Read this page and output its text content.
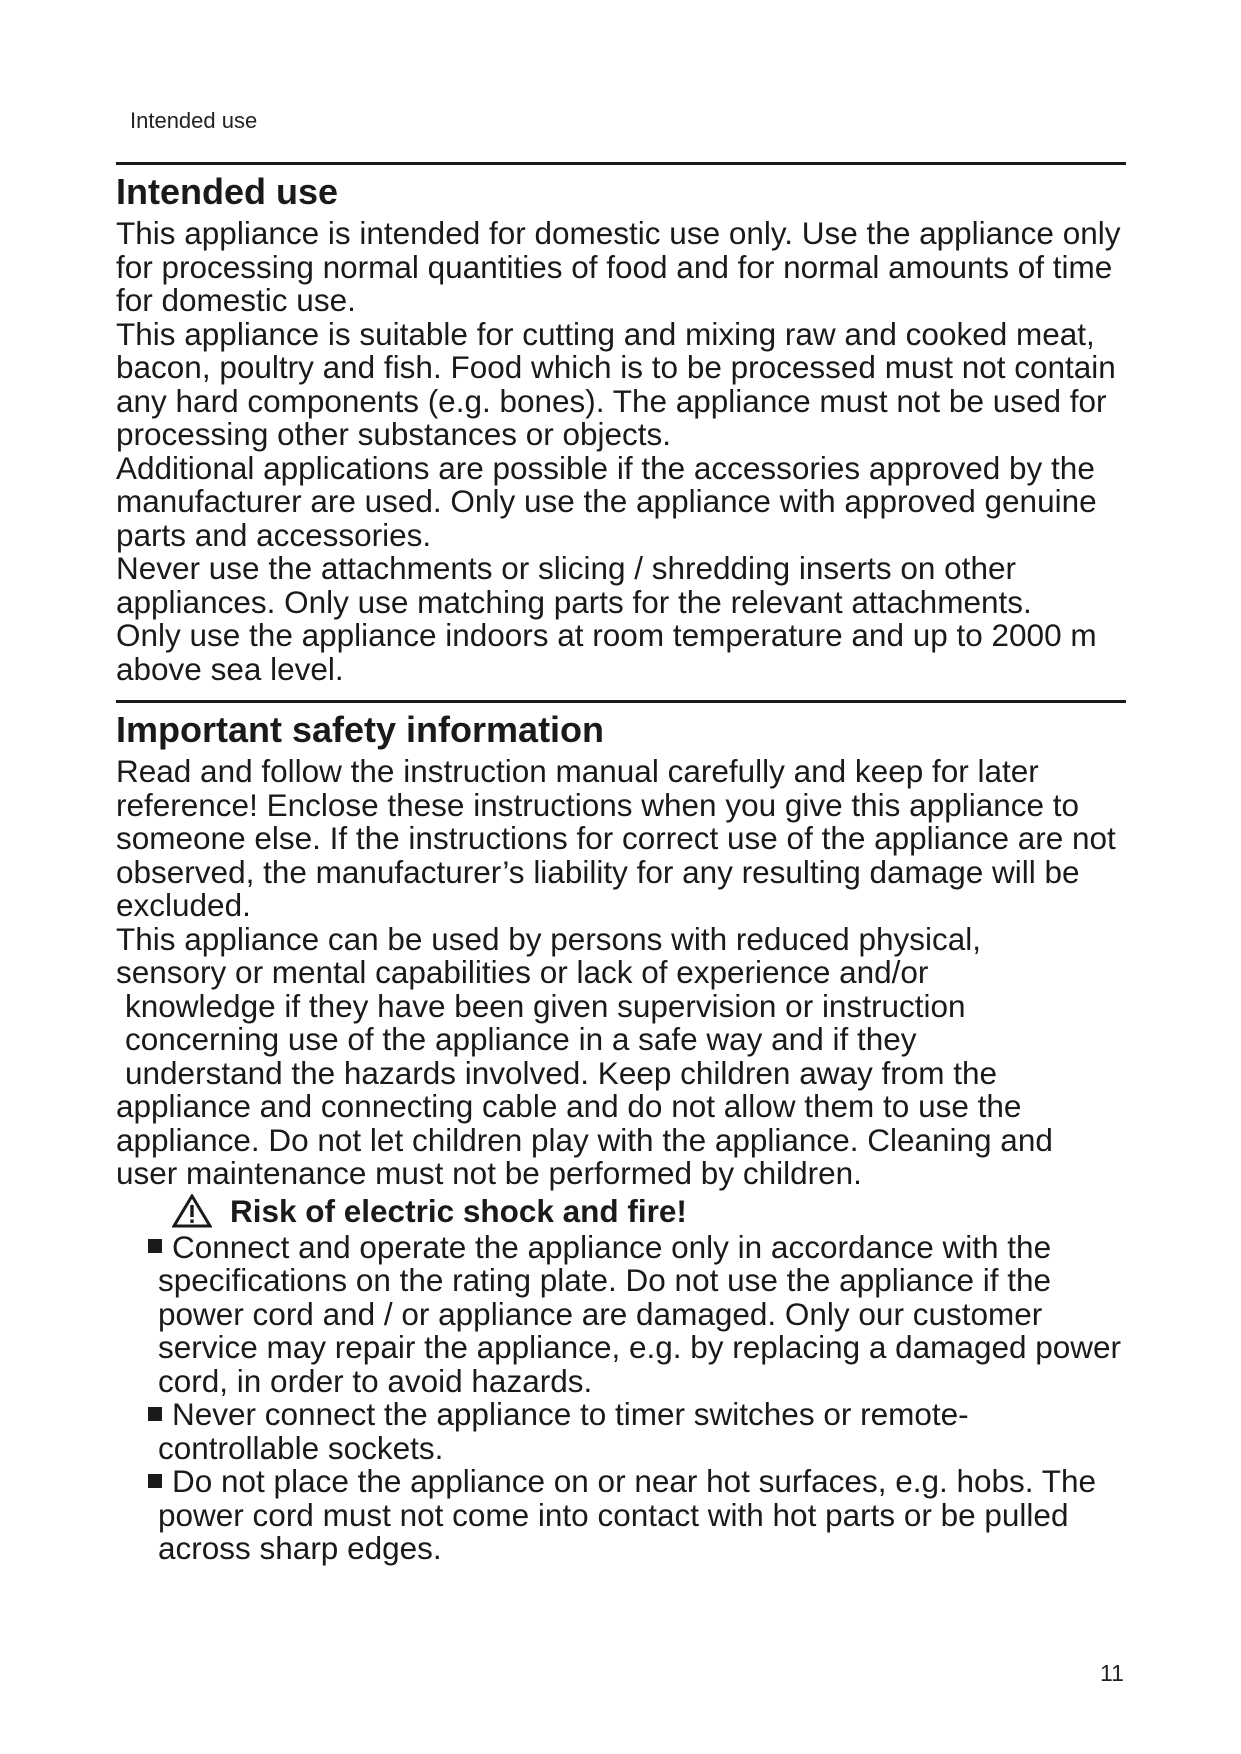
Intended use
Intended use

This appliance is intended for domestic use only. Use the appliance only for processing normal quantities of food and for normal amounts of time for domestic use.

This appliance is suitable for cutting and mixing raw and cooked meat, bacon, poultry and fish. Food which is to be processed must not contain any hard components (e.g. bones). The appliance must not be used for processing other substances or objects.

Additional applications are possible if the accessories approved by the manufacturer are used. Only use the appliance with approved genuine parts and accessories.

Never use the attachments or slicing / shredding inserts on other appliances. Only use matching parts for the relevant attachments.

Only use the appliance indoors at room temperature and up to 2000 m above sea level.

Important safety information

Read and follow the instruction manual carefully and keep for later reference! Enclose these instructions when you give this appliance to someone else. If the instructions for correct use of the appliance are not observed, the manufacturer’s liability for any resulting damage will be excluded.

This appliance can be used by persons with reduced physical,
sensory or mental capabilities or lack of experience and/or
knowledge if they have been given supervision or instruction
concerning use of the appliance in a safe way and if they
understand the hazards involved. Keep children away from the
appliance and connecting cable and do not allow them to use the
appliance. Do not let children play with the appliance. Cleaning and
user maintenance must not be performed by children.

Risk of electric shock and fire!
Connect and operate the appliance only in accordance with the specifications on the rating plate. Do not use the appliance if the power cord and / or appliance are damaged. Only our customer service may repair the appliance, e.g. by replacing a damaged power cord, in order to avoid hazards.
Never connect the appliance to timer switches or remote-controllable sockets.
Do not place the appliance on or near hot surfaces, e.g. hobs. The power cord must not come into contact with hot parts or be pulled across sharp edges.
11
